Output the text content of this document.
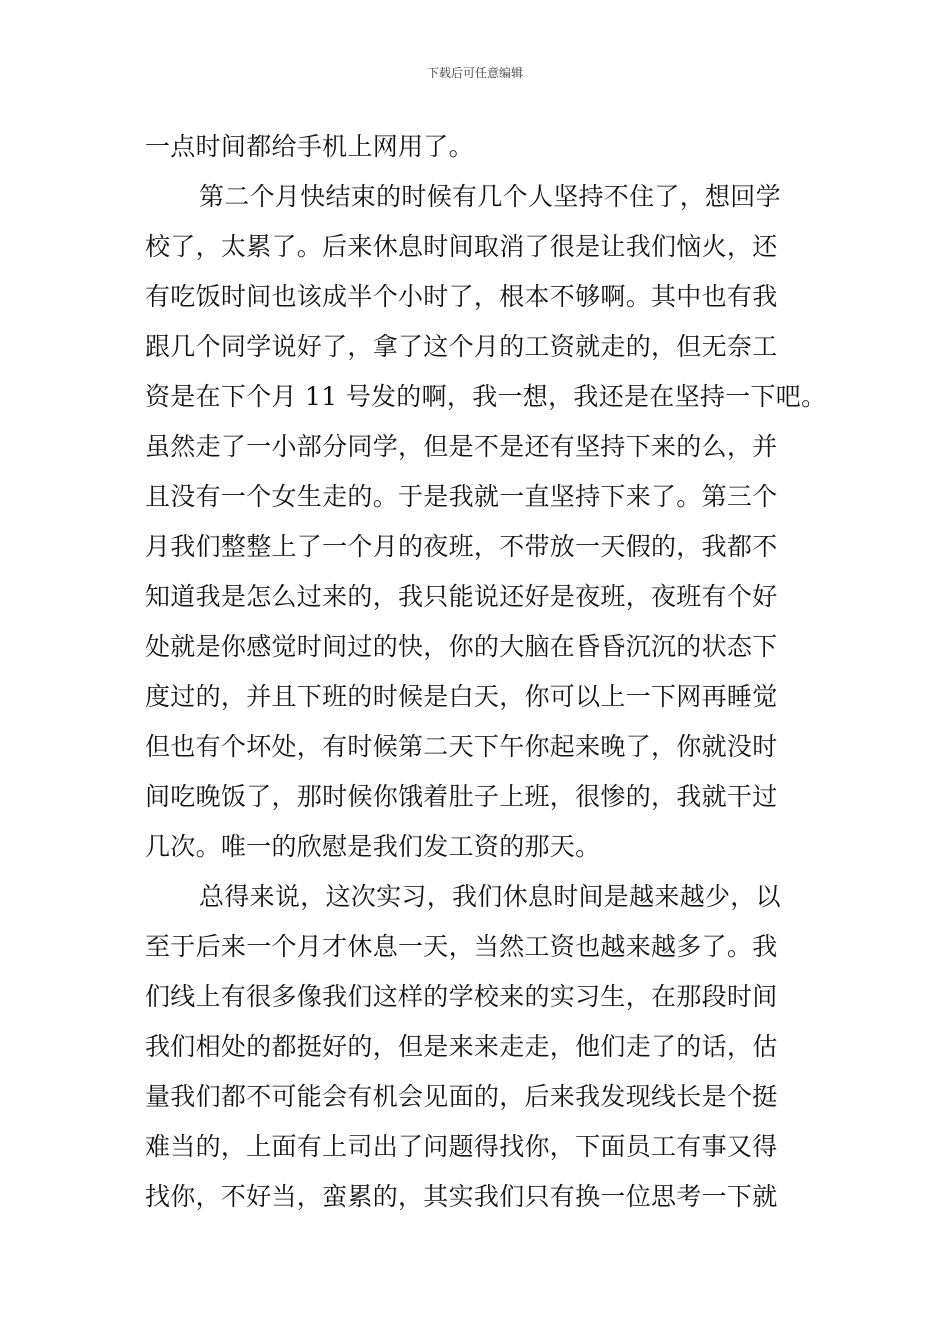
下载后可任意编辑
一点时间都给手机上网用了。
第二个月快结束的时候有几个人坚持不住了，想回学
校了，太累了。后来休息时间取消了很是让我们恼火，还
有吃饭时间也该成半个小时了，根本不够啊。其中也有我
跟几个同学说好了，拿了这个月的工资就走的，但无奈工
资是在下个月 11 号发的啊，我一想，我还是在坚持一下吧。
虽然走了一小部分同学，但是不是还有坚持下来的么，并
且没有一个女生走的。于是我就一直坚持下来了。第三个
月我们整整上了一个月的夜班，不带放一天假的，我都不
知道我是怎么过来的，我只能说还好是夜班，夜班有个好
处就是你感觉时间过的快，你的大脑在昏昏沉沉的状态下
度过的，并且下班的时候是白天，你可以上一下网再睡觉
但也有个坏处，有时候第二天下午你起来晚了，你就没时
间吃晚饭了，那时候你饿着肚子上班，很惨的，我就干过
几次。唯一的欣慰是我们发工资的那天。
总得来说，这次实习，我们休息时间是越来越少，以
至于后来一个月才休息一天，当然工资也越来越多了。我
们线上有很多像我们这样的学校来的实习生，在那段时间
我们相处的都挺好的，但是来来走走，他们走了的话，估
量我们都不可能会有机会见面的，后来我发现线长是个挺
难当的，上面有上司出了问题得找你，下面员工有事又得
找你，不好当，蛮累的，其实我们只有换一位思考一下就
